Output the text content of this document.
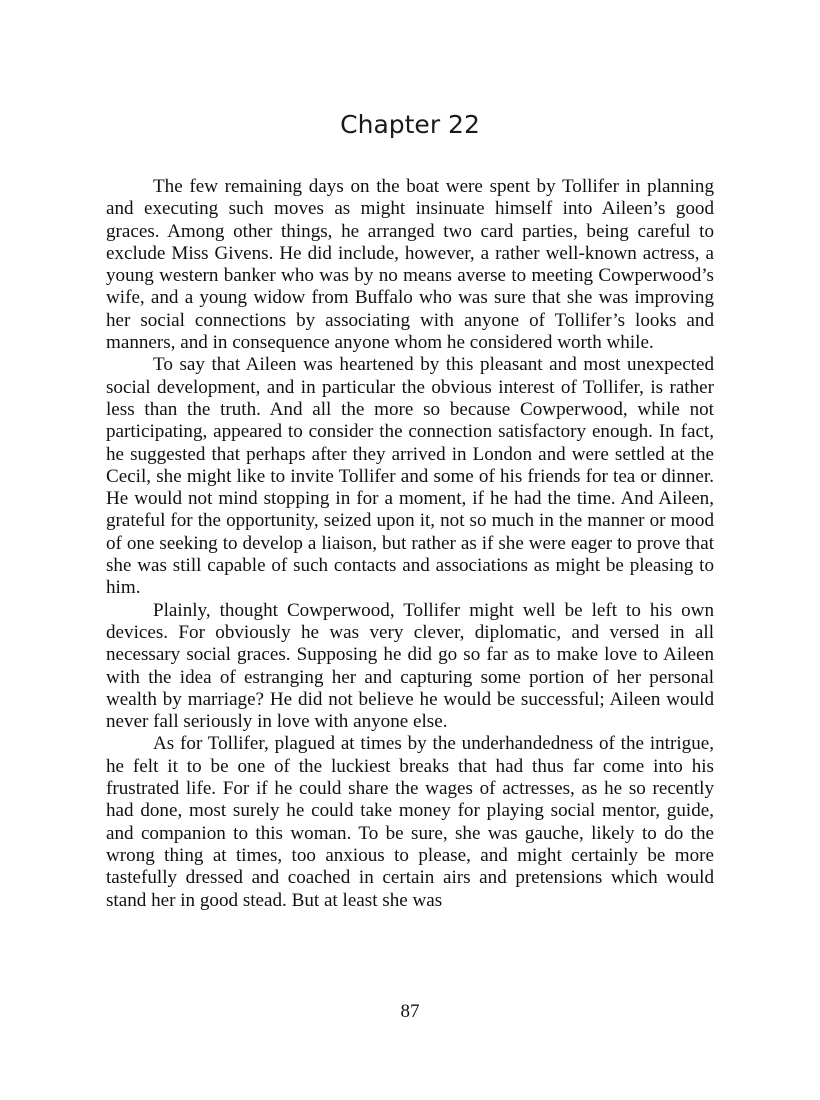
Chapter 22

The few remaining days on the boat were spent by Tollifer in planning and executing such moves as might insinuate himself into Aileen’s good graces. Among other things, he arranged two card parties, being careful to exclude Miss Givens. He did include, however, a rather well-known actress, a young western banker who was by no means averse to meeting Cowperwood’s wife, and a young widow from Buffalo who was sure that she was improving her social connections by associating with anyone of Tollifer’s looks and manners, and in consequence anyone whom he considered worth while.

To say that Aileen was heartened by this pleasant and most unexpected social development, and in particular the obvious interest of Tollifer, is rather less than the truth. And all the more so because Cowperwood, while not participating, appeared to consider the connection satisfactory enough. In fact, he suggested that perhaps after they arrived in London and were settled at the Cecil, she might like to invite Tollifer and some of his friends for tea or dinner. He would not mind stopping in for a moment, if he had the time. And Aileen, grateful for the opportunity, seized upon it, not so much in the manner or mood of one seeking to develop a liaison, but rather as if she were eager to prove that she was still capable of such contacts and associations as might be pleasing to him.

Plainly, thought Cowperwood, Tollifer might well be left to his own devices. For obviously he was very clever, diplomatic, and versed in all necessary social graces. Supposing he did go so far as to make love to Aileen with the idea of estranging her and capturing some portion of her personal wealth by marriage? He did not believe he would be successful; Aileen would never fall seriously in love with anyone else.

As for Tollifer, plagued at times by the underhandedness of the intrigue, he felt it to be one of the luckiest breaks that had thus far come into his frustrated life. For if he could share the wages of actresses, as he so recently had done, most surely he could take money for playing social mentor, guide, and companion to this woman. To be sure, she was gauche, likely to do the wrong thing at times, too anxious to please, and might certainly be more tastefully dressed and coached in certain airs and pretensions which would stand her in good stead. But at least she was

87
